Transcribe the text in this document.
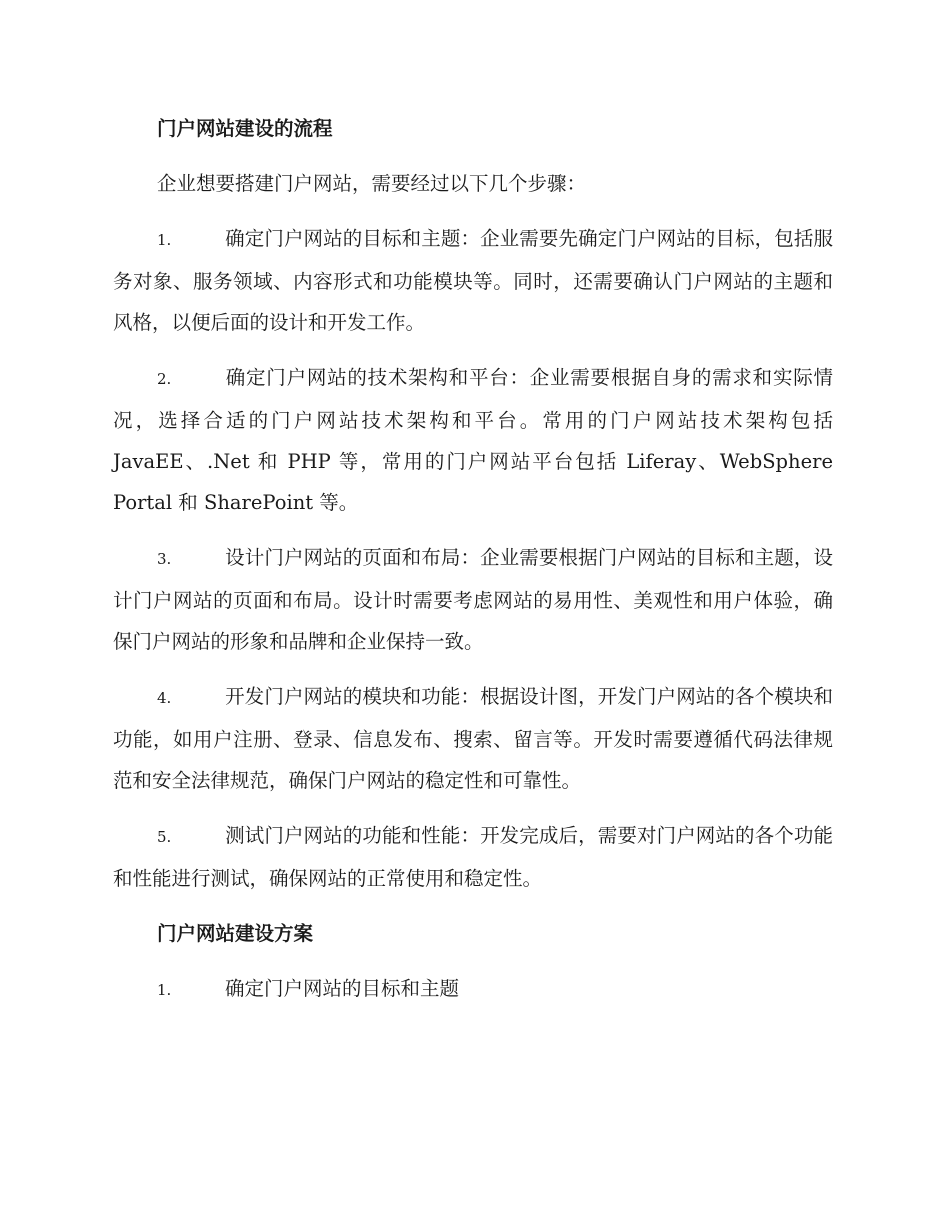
门户网站建设的流程
企业想要搭建门户网站，需要经过以下几个步骤：
1.	确定门户网站的目标和主题：企业需要先确定门户网站的目标，包括服务对象、服务领域、内容形式和功能模块等。同时，还需要确认门户网站的主题和风格，以便后面的设计和开发工作。
2.	确定门户网站的技术架构和平台：企业需要根据自身的需求和实际情况，选择合适的门户网站技术架构和平台。常用的门户网站技术架构包括 JavaEE、.Net 和 PHP 等，常用的门户网站平台包括 Liferay、WebSphere Portal 和 SharePoint 等。
3.	设计门户网站的页面和布局：企业需要根据门户网站的目标和主题，设计门户网站的页面和布局。设计时需要考虑网站的易用性、美观性和用户体验，确保门户网站的形象和品牌和企业保持一致。
4.	开发门户网站的模块和功能：根据设计图，开发门户网站的各个模块和功能，如用户注册、登录、信息发布、搜索、留言等。开发时需要遵循代码法律规范和安全法律规范，确保门户网站的稳定性和可靠性。
5.	测试门户网站的功能和性能：开发完成后，需要对门户网站的各个功能和性能进行测试，确保网站的正常使用和稳定性。
门户网站建设方案
1.	确定门户网站的目标和主题
